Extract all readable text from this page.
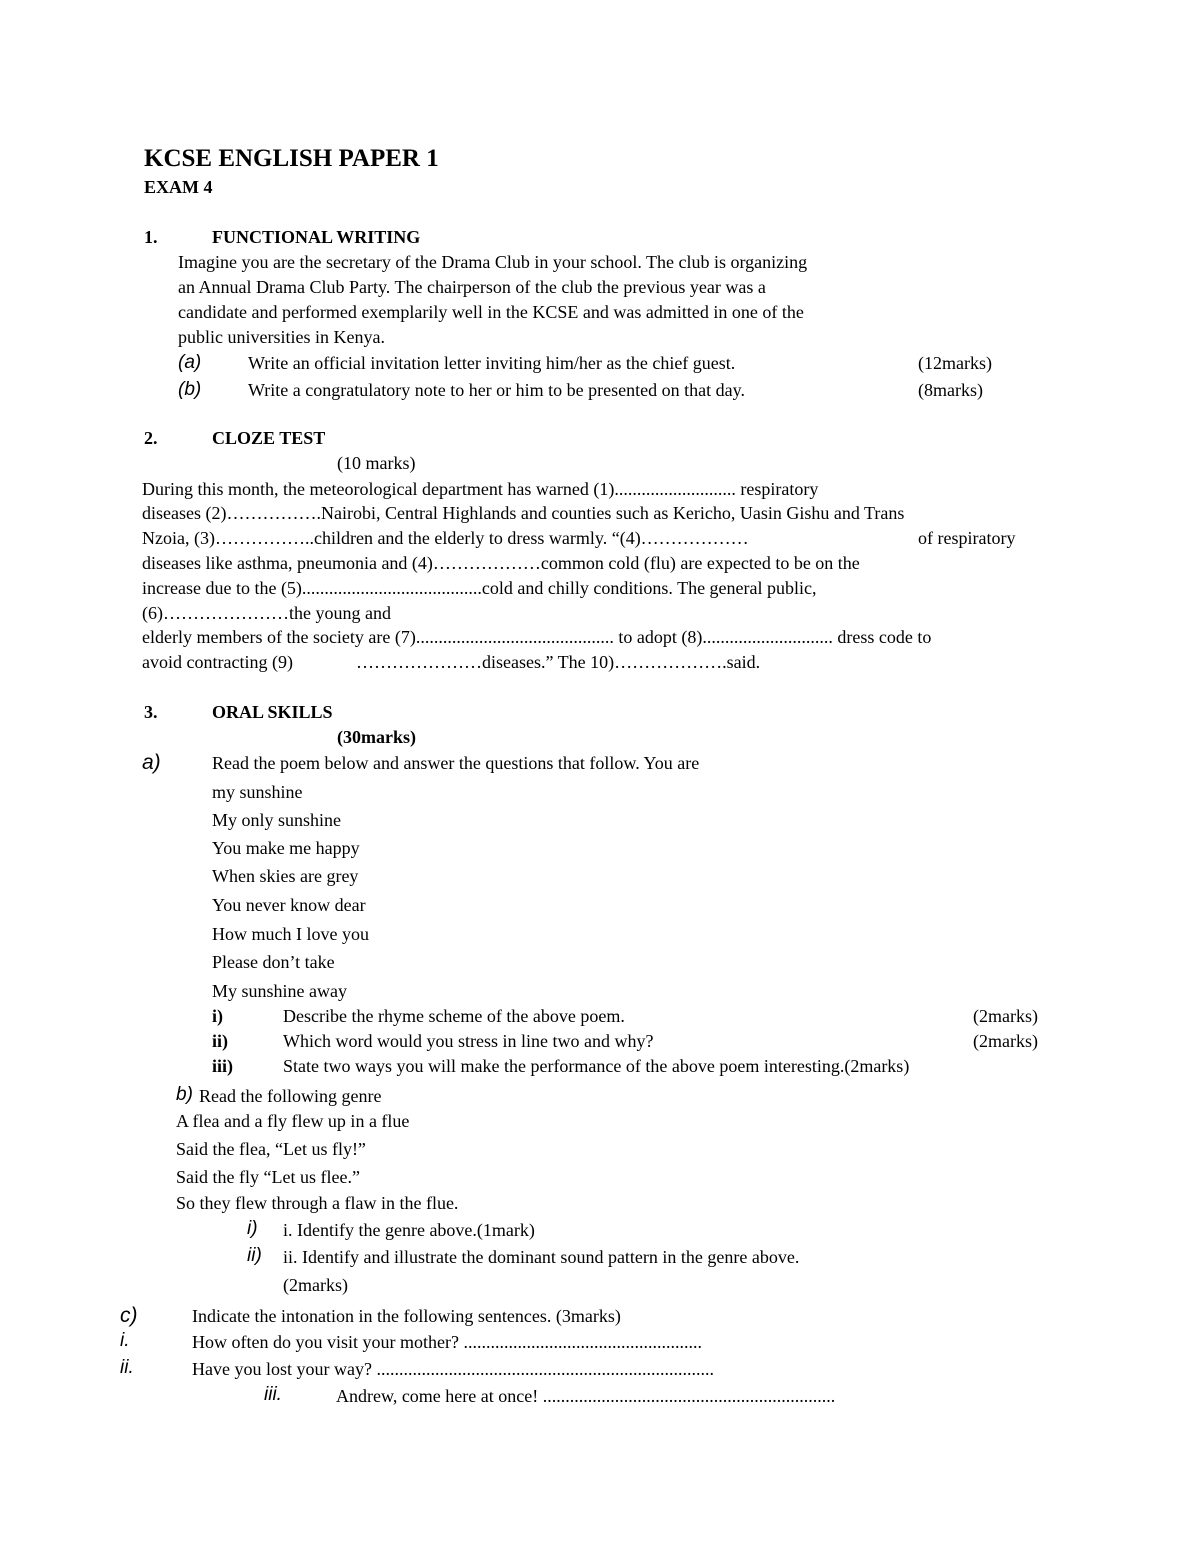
KCSE ENGLISH PAPER 1
EXAM 4
1.	FUNCTIONAL WRITING
Imagine you are the secretary of the Drama Club in your school. The club is organizing
an Annual Drama Club Party. The chairperson of the club the previous year was a
candidate and performed exemplarily well in the KCSE and was admitted in one of the
public universities in Kenya.
(a)	Write an official invitation letter inviting him/her as the chief guest.	(12marks)
(b)	Write a congratulatory note to her or him to be presented on that day.	(8marks)
2.	CLOZE TEST
(10 marks)
During this month, the meteorological department has warned (1)........................... respiratory
diseases (2)…………….Nairobi, Central Highlands and counties such as Kericho, Uasin Gishu and Trans
Nzoia, (3)……………..children and the elderly to dress warmly. “(4)………………	of respiratory
diseases like asthma, pneumonia and (4)………………common cold (flu) are expected to be on the
increase due to the (5)........................................cold and chilly conditions. The general public,
(6)…………………the young and
elderly members of the society are (7)............................................ to adopt (8)............................. dress code to
avoid contracting (9)	…………………diseases.” The 10)……………….said.
3.	ORAL SKILLS
(30marks)
a)	Read the poem below and answer the questions that follow. You are
my sunshine
My only sunshine
You make me happy
When skies are grey
You never know dear
How much I love you
Please don’t take
My sunshine away
i)	Describe the rhyme scheme of the above poem.	(2marks)
ii)	Which word would you stress in line two and why?	(2marks)
iii)	State two ways you will make the performance of the above poem interesting.(2marks)
b) Read the following genre
A flea and a fly flew up in a flue
Said the flea, “Let us fly!”
Said the fly “Let us flee.”
So they flew through a flaw in the flue.
i) i. Identify the genre above.(1mark)
ii) ii. Identify and illustrate the dominant sound pattern in the genre above.
(2marks)
c)	Indicate the intonation in the following sentences. (3marks)
i.	How often do you visit your mother? .....................................................
ii.	Have you lost your way? ...........................................................................
iii.	Andrew, come here at once! .................................................................
